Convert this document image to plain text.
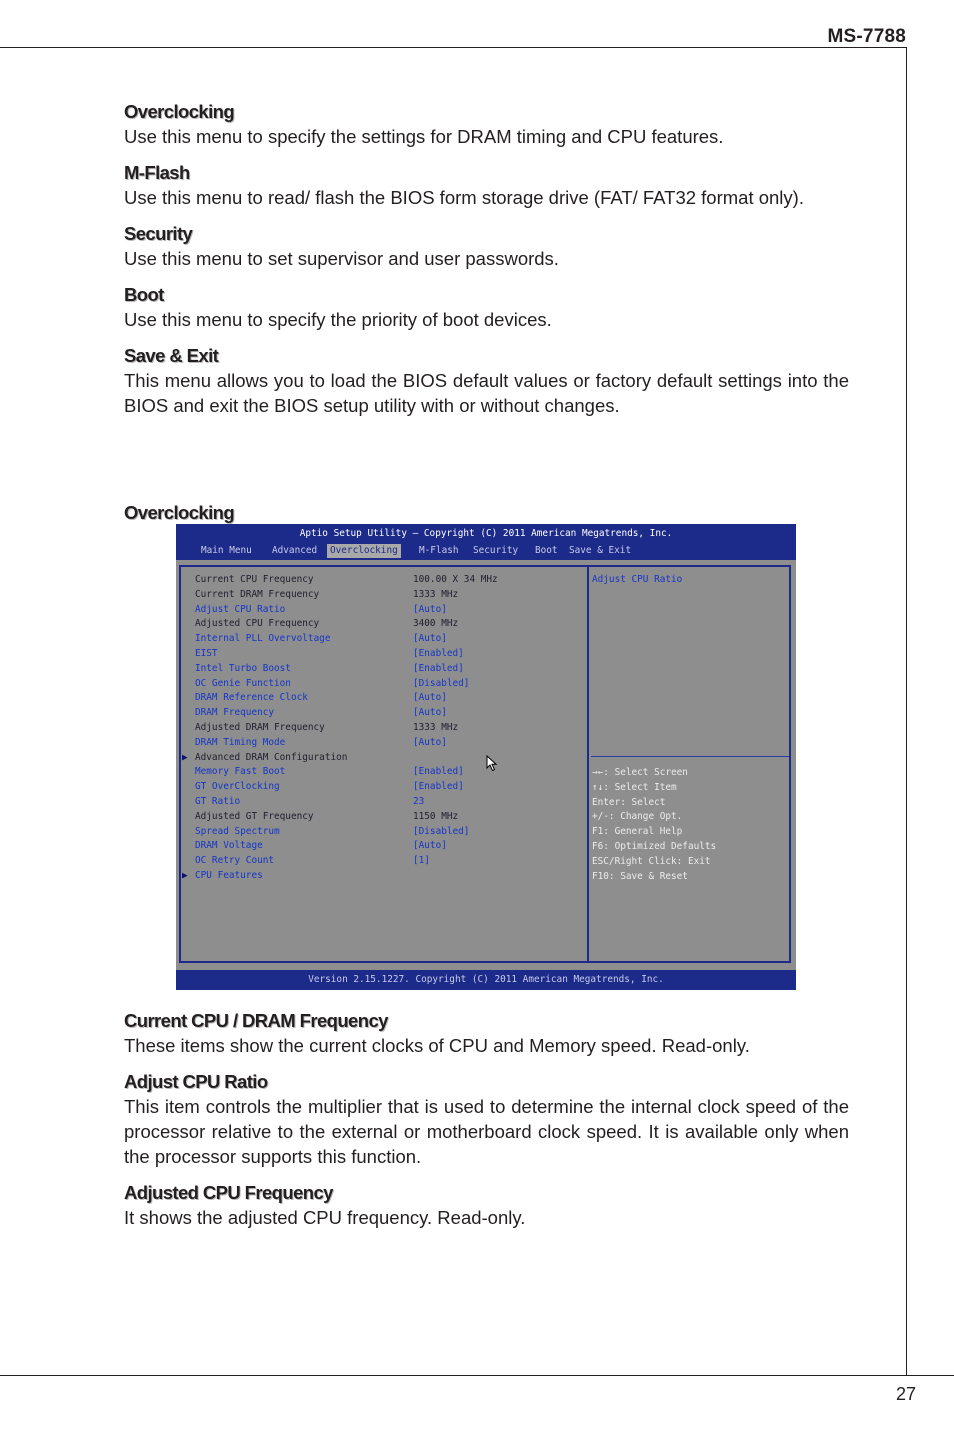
MS-7788
Overclocking
Use this menu to specify the settings for DRAM timing and CPU features.
M-Flash
Use this menu to read/ flash the BIOS form storage drive (FAT/ FAT32 format only).
Security
Use this menu to set supervisor and user passwords.
Boot
Use this menu to specify the priority of boot devices.
Save & Exit
This menu allows you to load the BIOS default values or factory default settings into the BIOS and exit the BIOS setup utility with or without changes.
Overclocking
Aptio Setup Utility – Copyright (C) 2011 American Megatrends, Inc.
Main Menu	Advanced	Overclocking	M-Flash	Security	Boot	Save & Exit
Current CPU Frequency	100.00 X 34 MHz
Current DRAM Frequency	1333 MHz
Adjust CPU Ratio	[Auto]
Adjusted CPU Frequency	3400 MHz
Internal PLL Overvoltage	[Auto]
EIST	[Enabled]
Intel Turbo Boost	[Enabled]
OC Genie Function	[Disabled]
DRAM Reference Clock	[Auto]
DRAM Frequency	[Auto]
Adjusted DRAM Frequency	1333 MHz
DRAM Timing Mode	[Auto]
▶ Advanced DRAM Configuration
Memory Fast Boot	[Enabled]
GT OverClocking	[Enabled]
GT Ratio	23
Adjusted GT Frequency	1150 MHz
Spread Spectrum	[Disabled]
DRAM Voltage	[Auto]
OC Retry Count	[1]
▶ CPU Features
Adjust CPU Ratio
→←: Select Screen
↑↓: Select Item
Enter: Select
+/-: Change Opt.
F1: General Help
F6: Optimized Defaults
ESC/Right Click: Exit
F10: Save & Reset
Version 2.15.1227. Copyright (C) 2011 American Megatrends, Inc.
Current CPU / DRAM Frequency
These items show the current clocks of CPU and Memory speed. Read-only.
Adjust CPU Ratio
This item controls the multiplier that is used to determine the internal clock speed of the processor relative to the external or motherboard clock speed. It is available only when the processor supports this function.
Adjusted CPU Frequency
It shows the adjusted CPU frequency. Read-only.
27
